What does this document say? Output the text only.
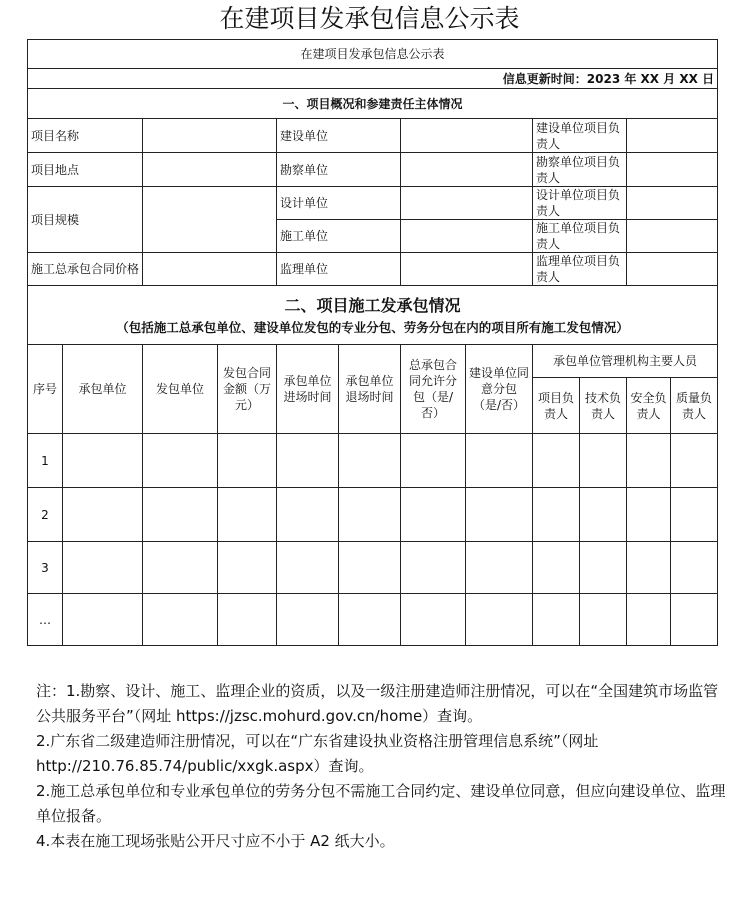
在建项目发承包信息公示表
在建项目发承包信息公示表											
信息更新时间：2023 年 XX 月 XX 日											
一、项目概况和参建责任主体情况											
项目名称				建设单位				建设单位项目负责人			
项目地点				勘察单位				勘察单位项目负责人			
项目规模				设计单位				设计单位项目负责人			
				施工单位				施工单位项目负责人			
施工总承包合同价格				监理单位				监理单位项目负责人			

二、项目施工发承包情况
（包括施工总承包单位、建设单位发包的专业分包、劳务分包在内的项目所有施工发包情况）											

序号	承包单位	发包单位	发包合同金额（万元）	承包单位进场时间	承包单位退场时间	总承包合同允许分包（是/否）	建设单位同意分包（是/否）	承包单位管理机构主要人员			
								项目负责人	技术负责人	安全负责人	质量负责人
1											
2											
3											
…											

注：1.勘察、设计、施工、监理企业的资质，以及一级注册建造师注册情况，可以在“全国建筑市场监管公共服务平台”（网址 https://jzsc.mohurd.gov.cn/home）查询。

2.广东省二级建造师注册情况，可以在“广东省建设执业资格注册管理信息系统”（网址 http://210.76.85.74/public/xxgk.aspx）查询。

2.施工总承包单位和专业承包单位的劳务分包不需施工合同约定、建设单位同意，但应向建设单位、监理单位报备。

4.本表在施工现场张贴公开尺寸应不小于 A2 纸大小。
